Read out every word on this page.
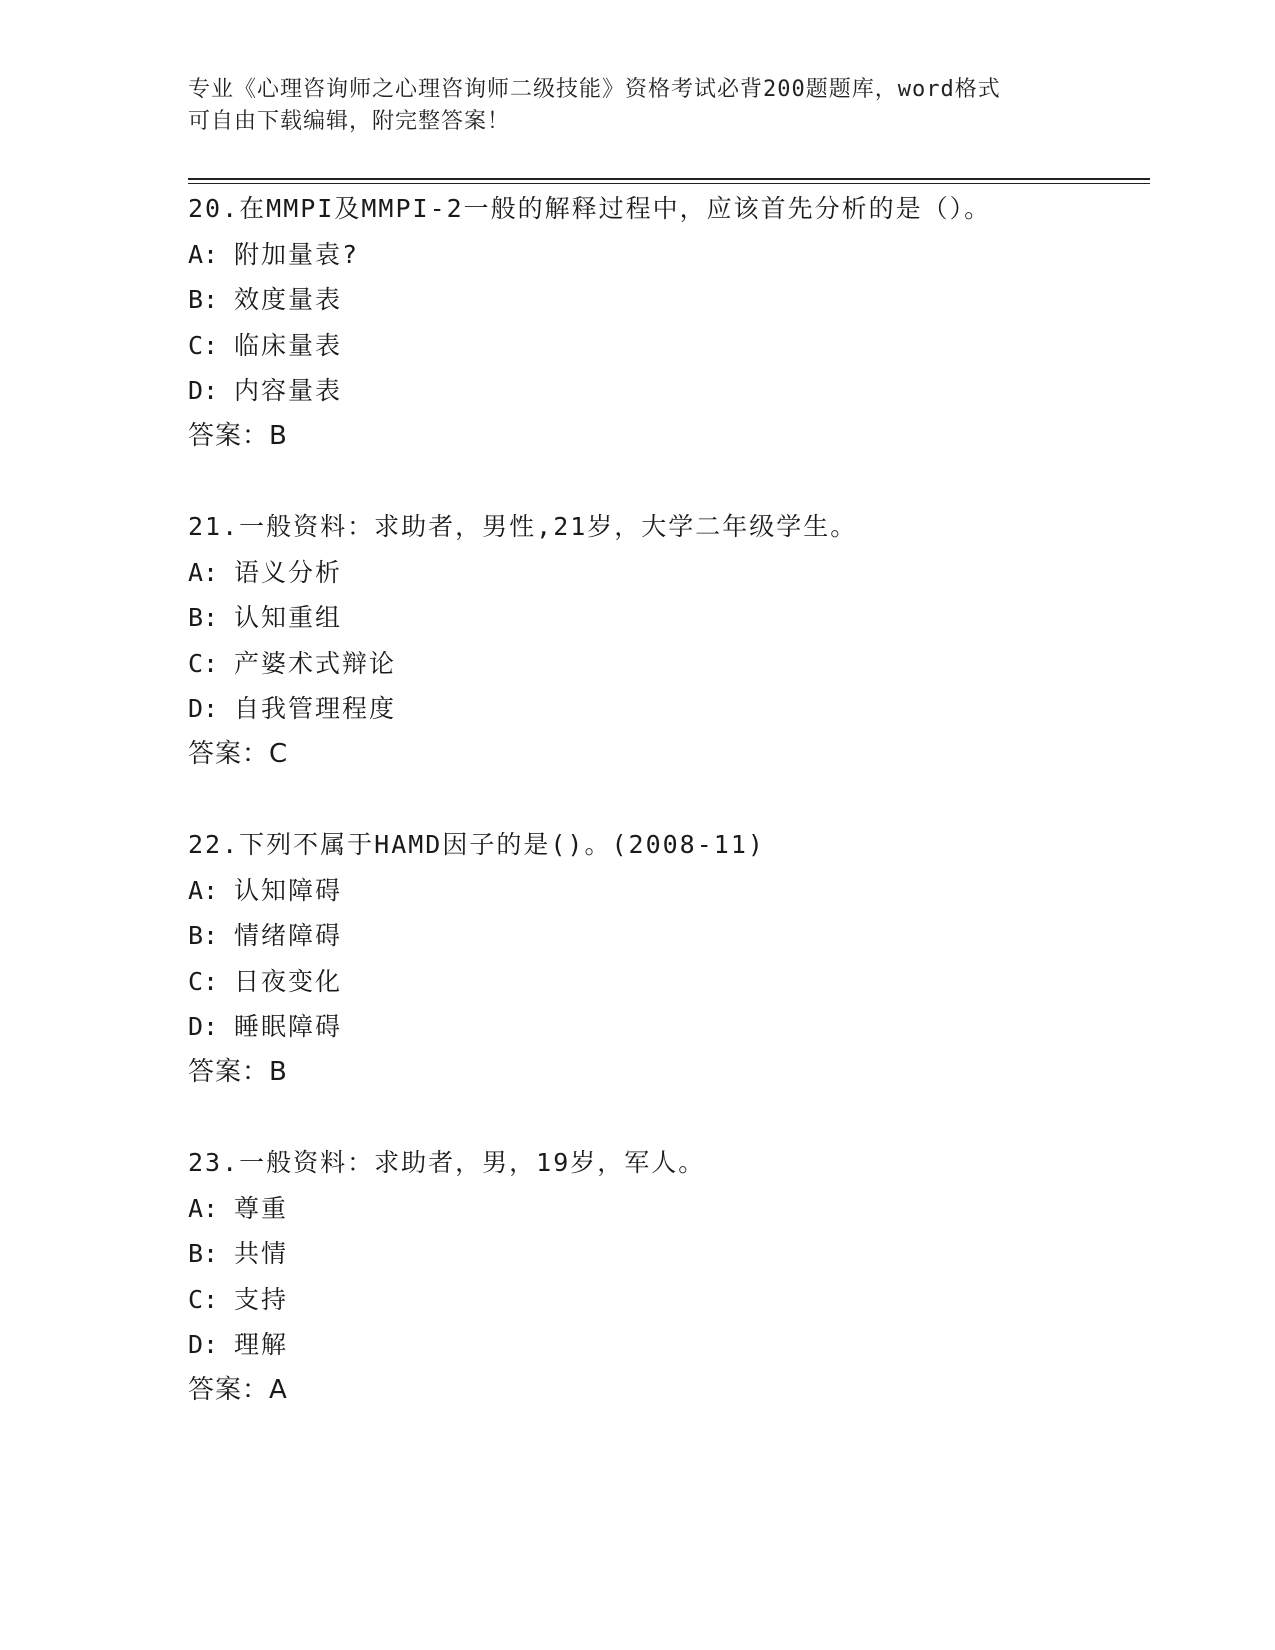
专业《心理咨询师之心理咨询师二级技能》资格考试必背200题题库，word格式
可自由下载编辑，附完整答案！
20.在MMPI及MMPI-2一般的解释过程中，应该首先分析的是（）。
A: 附加量袁?
B: 效度量表
C: 临床量表
D: 内容量表
答案：B
21.一般资料：求助者，男性,21岁，大学二年级学生。
A: 语义分析
B: 认知重组
C: 产婆术式辩论
D: 自我管理程度
答案：C
22.下列不属于HAMD因子的是()。(2008-11)
A: 认知障碍
B: 情绪障碍
C: 日夜变化
D: 睡眠障碍
答案：B
23.一般资料：求助者，男，19岁，军人。
A: 尊重
B: 共情
C: 支持
D: 理解
答案：A
